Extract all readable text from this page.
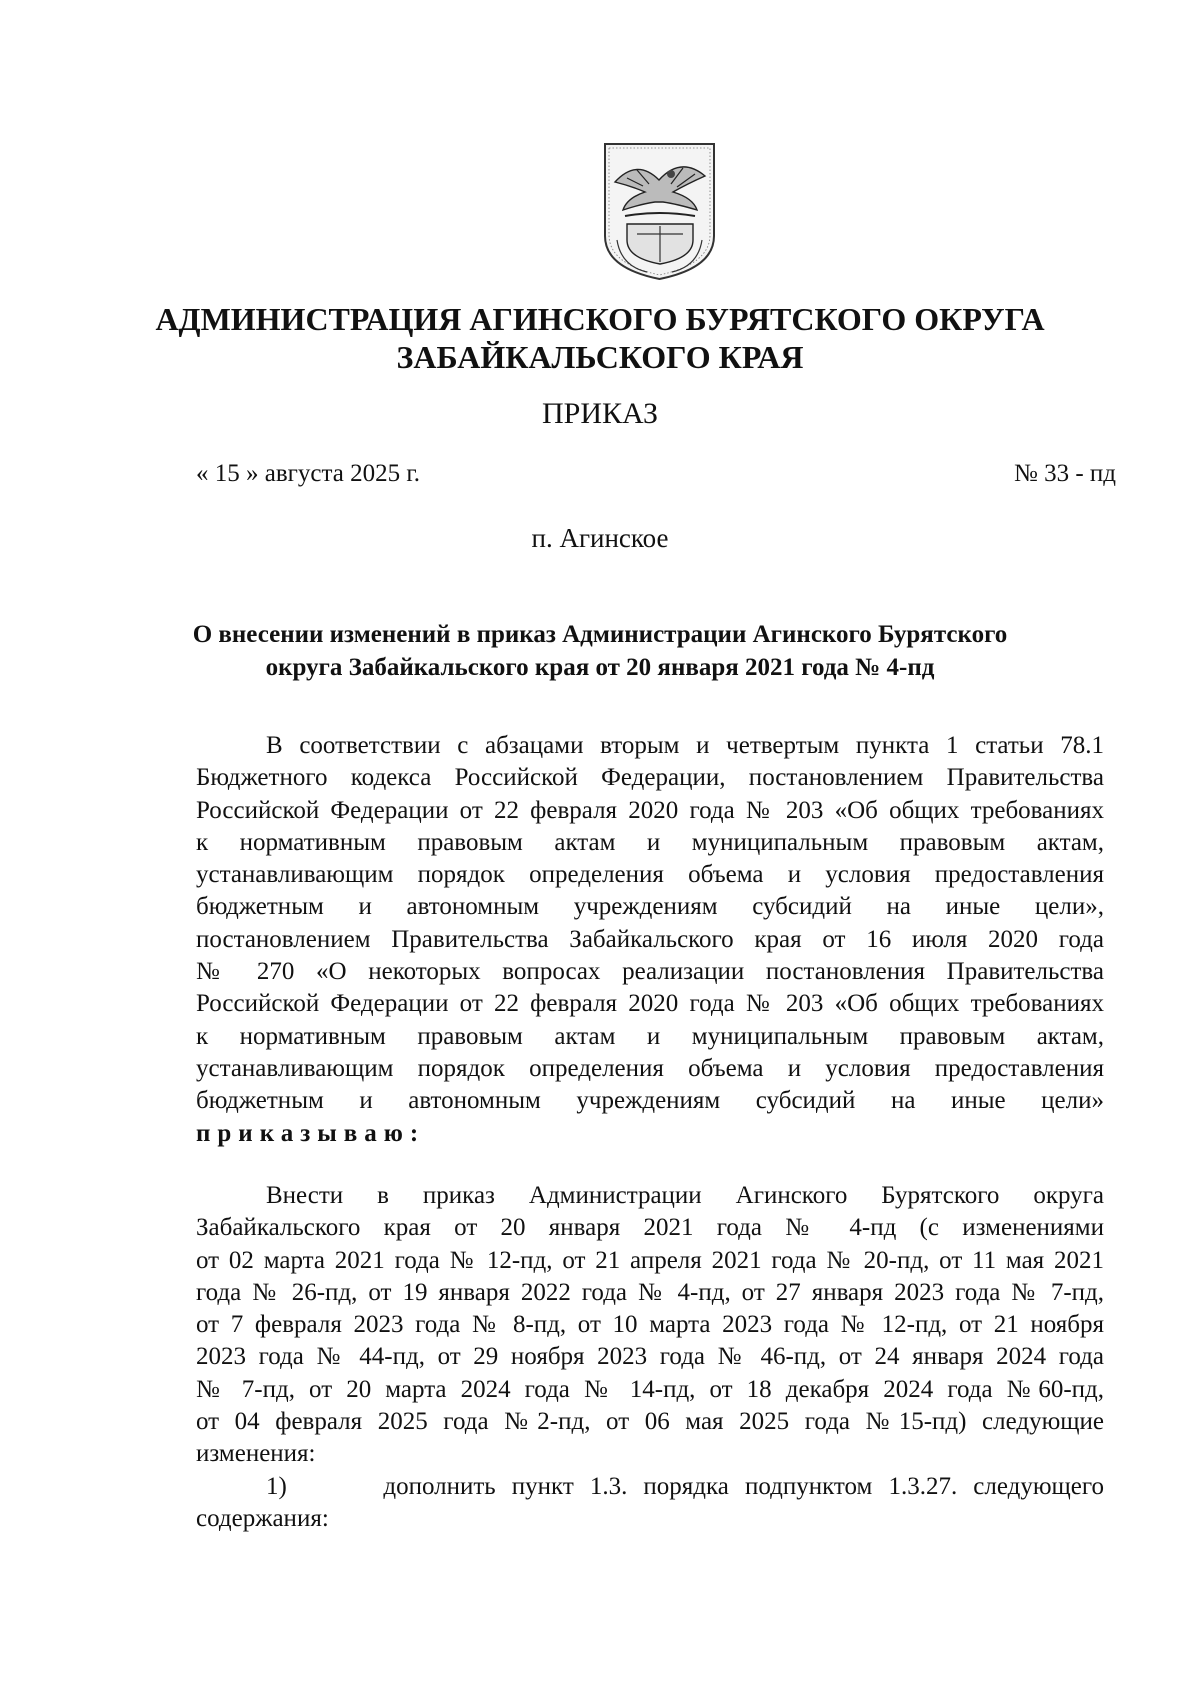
АДМИНИСТРАЦИЯ АГИНСКОГО БУРЯТСКОГО ОКРУГА
ЗАБАЙКАЛЬСКОГО КРАЯ
ПРИКАЗ
« 15 » августа 2025 г.	№ 33 - пд
п. Агинское
О внесении изменений в приказ Администрации Агинского Бурятского
округа Забайкальского края от 20 января 2021 года № 4-пд
В соответствии с абзацами вторым и четвертым пункта 1 статьи 78.1
Бюджетного кодекса Российской Федерации, постановлением Правительства
Российской Федерации от 22 февраля 2020 года № 203 «Об общих требованиях
к нормативным правовым актам и муниципальным правовым актам,
устанавливающим порядок определения объема и условия предоставления
бюджетным и автономным учреждениям субсидий на иные цели»,
постановлением Правительства Забайкальского края от 16 июля 2020 года
№ 270 «О некоторых вопросах реализации постановления Правительства
Российской Федерации от 22 февраля 2020 года № 203 «Об общих требованиях
к нормативным правовым актам и муниципальным правовым актам,
устанавливающим порядок определения объема и условия предоставления
бюджетным и автономным учреждениям субсидий на иные цели»
приказываю:
Внести в приказ Администрации Агинского Бурятского округа
Забайкальского края от 20 января 2021 года № 4-пд (с изменениями
от 02 марта 2021 года № 12-пд, от 21 апреля 2021 года № 20-пд, от 11 мая 2021
года № 26-пд, от 19 января 2022 года № 4-пд, от 27 января 2023 года № 7-пд,
от 7 февраля 2023 года № 8-пд, от 10 марта 2023 года № 12-пд, от 21 ноября
2023 года № 44-пд, от 29 ноября 2023 года № 46-пд, от 24 января 2024 года
№ 7-пд, от 20 марта 2024 года № 14-пд, от 18 декабря 2024 года №60-пд,
от 04 февраля 2025 года №2-пд, от 06 мая 2025 года №15-пд) следующие
изменения:
1)	дополнить пункт 1.3. порядка подпунктом 1.3.27. следующего
содержания:
